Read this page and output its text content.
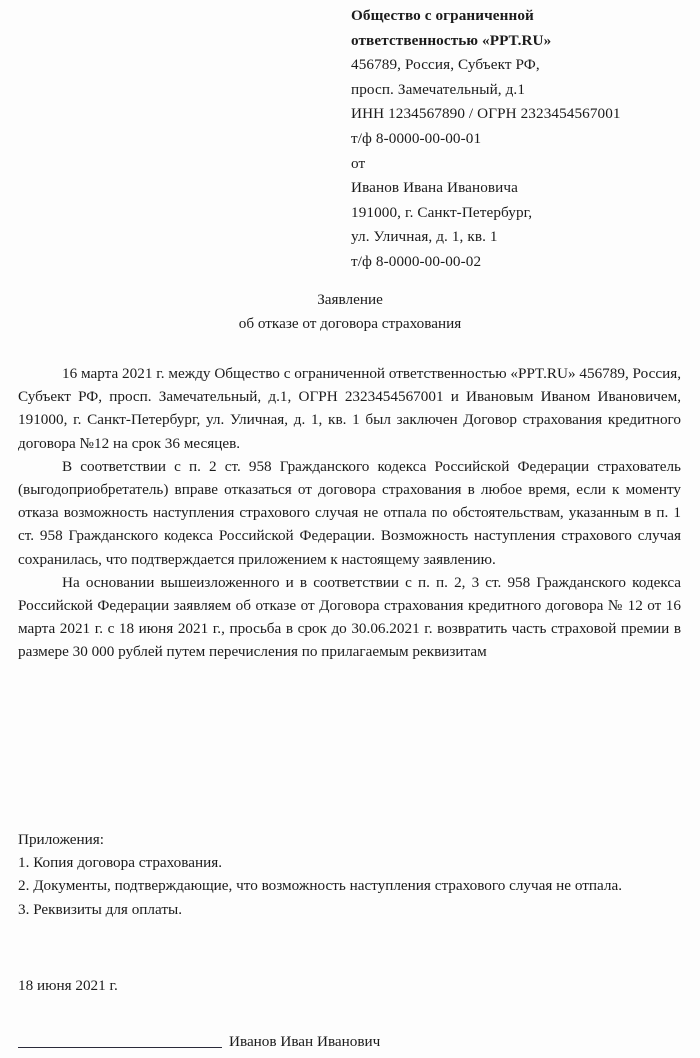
Общество с ограниченной
ответственностью «PPT.RU»
456789, Россия, Субъект РФ,
просп. Замечательный, д.1
ИНН 1234567890 / ОГРН 2323454567001
т/ф 8-0000-00-00-01
от
Иванов Ивана Ивановича
191000, г. Санкт-Петербург,
ул. Уличная, д. 1, кв. 1
т/ф 8-0000-00-00-02
Заявление
об отказе от договора страхования

16 марта 2021 г. между Общество с ограниченной ответственностью «PPT.RU» 456789, Россия, Субъект РФ, просп. Замечательный, д.1, ОГРН 2323454567001 и Ивановым Иваном Ивановичем, 191000, г. Санкт-Петербург, ул. Уличная, д. 1, кв. 1 был заключен Договор страхования кредитного договора №12 на срок 36 месяцев.

В соответствии с п. 2 ст. 958 Гражданского кодекса Российской Федерации страхователь (выгодоприобретатель) вправе отказаться от договора страхования в любое время, если к моменту отказа возможность наступления страхового случая не отпала по обстоятельствам, указанным в п. 1 ст. 958 Гражданского кодекса Российской Федерации. Возможность наступления страхового случая сохранилась, что подтверждается приложением к настоящему заявлению.

На основании вышеизложенного и в соответствии с п. п. 2, 3 ст. 958 Гражданского кодекса Российской Федерации заявляем об отказе от Договора страхования кредитного договора № 12 от 16 марта 2021 г. с 18 июня 2021 г., просьба в срок до 30.06.2021 г. возвратить часть страховой премии в размере 30 000 рублей путем перечисления по прилагаемым реквизитам

Приложения:

1. Копия договора страхования.

2. Документы, подтверждающие, что возможность наступления страхового случая не отпала.

3. Реквизиты для оплаты.

18 июня 2021 г.
Иванов Иван Иванович
